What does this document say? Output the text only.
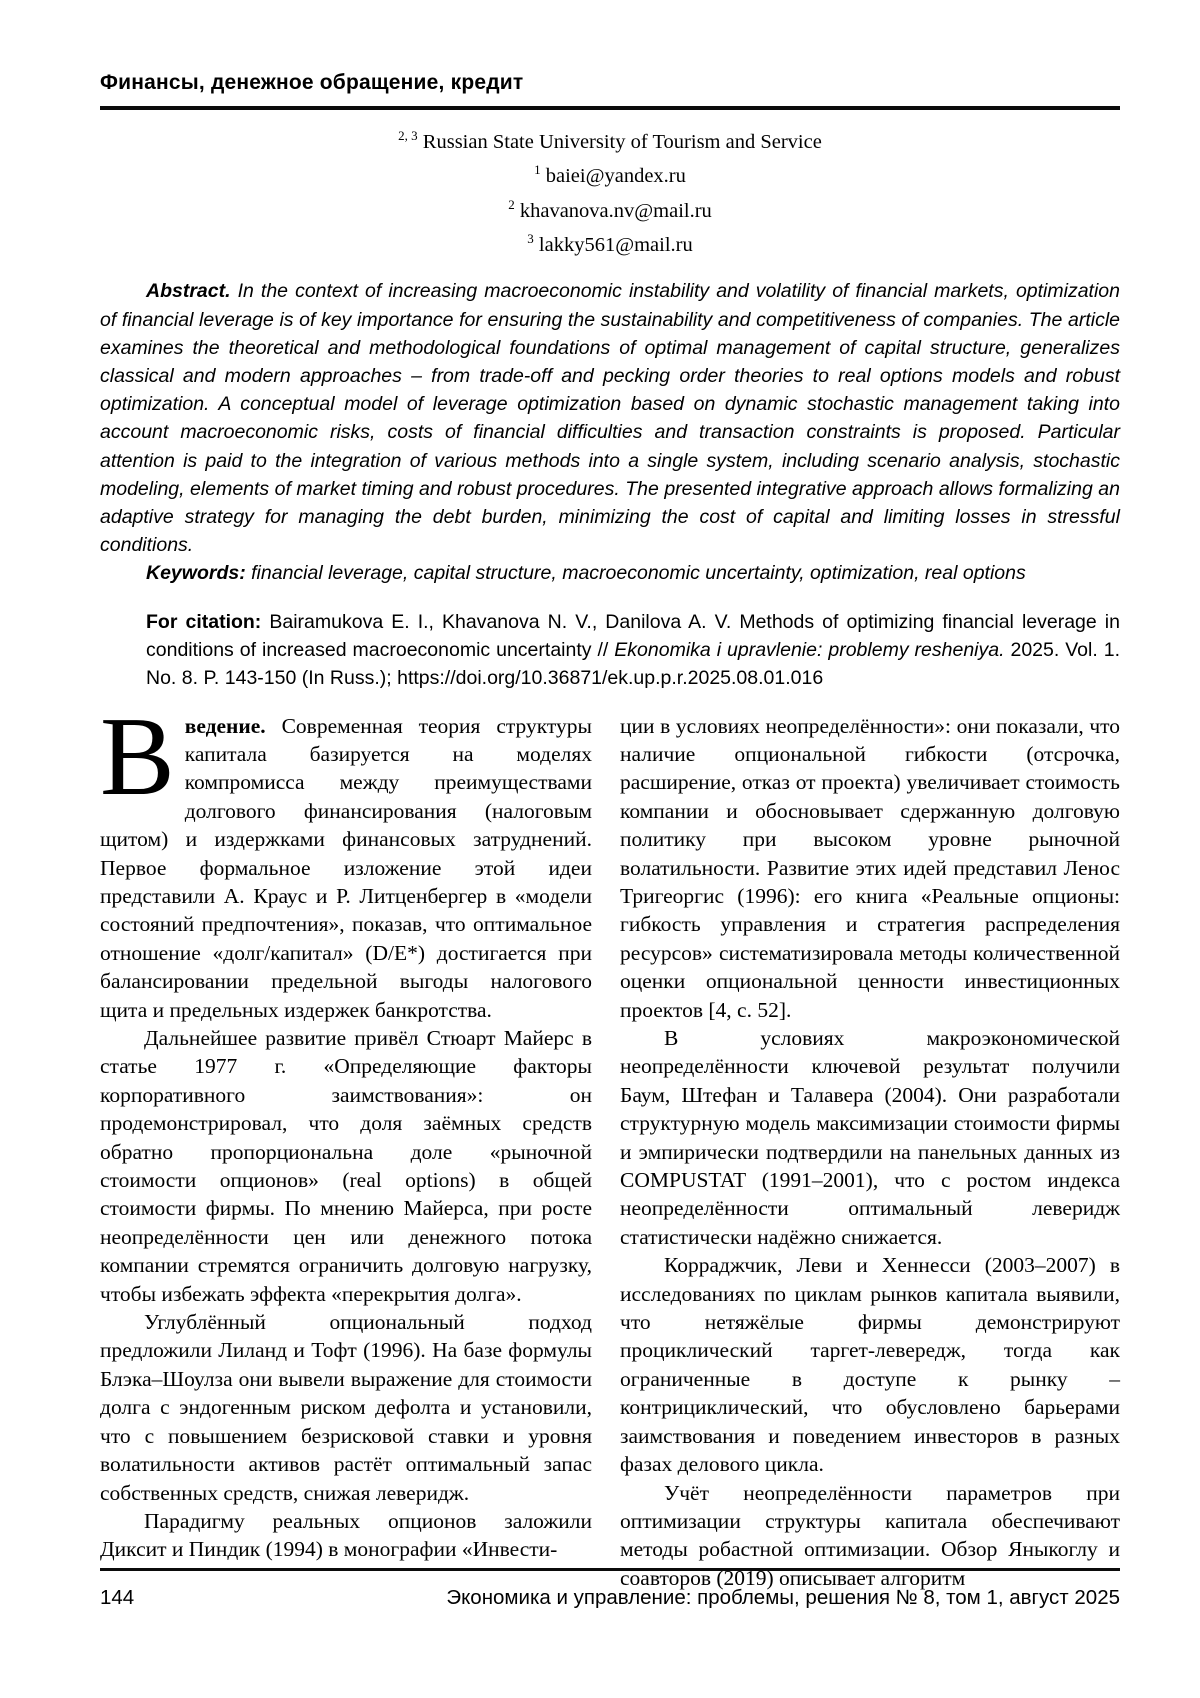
Финансы, денежное обращение, кредит
$^{2, 3}$ Russian State University of Tourism and Service
$^1$ baiei@yandex.ru
$^2$ khavanova.nv@mail.ru
$^3$ lakky561@mail.ru

Abstract. In the context of increasing macroeconomic instability and volatility of financial markets, optimization of financial leverage is of key importance for ensuring the sustainability and competitiveness of companies. The article examines the theoretical and methodological foundations of optimal management of capital structure, generalizes classical and modern approaches – from trade-off and pecking order theories to real options models and robust optimization. A conceptual model of leverage optimization based on dynamic stochastic management taking into account macroeconomic risks, costs of financial difficulties and transaction constraints is proposed. Particular attention is paid to the integration of various methods into a single system, including scenario analysis, stochastic modeling, elements of market timing and robust procedures. The presented integrative approach allows formalizing an adaptive strategy for managing the debt burden, minimizing the cost of capital and limiting losses in stressful conditions.

Keywords: financial leverage, capital structure, macroeconomic uncertainty, optimization, real options

For citation: Bairamukova E. I., Khavanova N. V., Danilova A. V. Methods of optimizing financial leverage in conditions of increased macroeconomic uncertainty // Ekonomika i upravlenie: problemy resheniya. 2025. Vol. 1. No. 8. P. 143-150 (In Russ.); https://doi.org/10.36871/ek.up.p.r.2025.08.01.016

Введение. Современная теория структуры капитала базируется на моделях компромисса между преимуществами долгового финансирования (налоговым щитом) и издержками финансовых затруднений. Первое формальное изложение этой идеи представили А. Краус и Р. Литценбергер в «модели состояний предпочтения», показав, что оптимальное отношение «долг/капитал» (D/E*) достигается при балансировании предельной выгоды налогового щита и предельных издержек банкротства.

Дальнейшее развитие привёл Стюарт Майерс в статье 1977 г. «Определяющие факторы корпоративного заимствования»: он продемонстрировал, что доля заёмных средств обратно пропорциональна доле «рыночной стоимости опционов» (real options) в общей стоимости фирмы. По мнению Майерса, при росте неопределённости цен или денежного потока компании стремятся ограничить долговую нагрузку, чтобы избежать эффекта «перекрытия долга».

Углублённый опциональный подход предложили Лиланд и Тофт (1996). На базе формулы Блэка–Шоулза они вывели выражение для стоимости долга с эндогенным риском дефолта и установили, что с повышением безрисковой ставки и уровня волатильности активов растёт оптимальный запас собственных средств, снижая леверидж.

Парадигму реальных опционов заложили Диксит и Пиндик (1994) в монографии «Инвести-

ции в условиях неопределённости»: они показали, что наличие опциональной гибкости (отсрочка, расширение, отказ от проекта) увеличивает стоимость компании и обосновывает сдержанную долговую политику при высоком уровне рыночной волатильности. Развитие этих идей представил Ленос Тригеоргис (1996): его книга «Реальные опционы: гибкость управления и стратегия распределения ресурсов» систематизировала методы количественной оценки опциональной ценности инвестиционных проектов [4, с. 52].

В условиях макроэкономической неопределённости ключевой результат получили Баум, Штефан и Талавера (2004). Они разработали структурную модель максимизации стоимости фирмы и эмпирически подтвердили на панельных данных из COMPUSTAT (1991–2001), что с ростом индекса неопределённости оптимальный леверидж статистически надёжно снижается.

Корраджчик, Леви и Хеннесси (2003–2007) в исследованиях по циклам рынков капитала выявили, что нетяжёлые фирмы демонстрируют проциклический таргет-левередж, тогда как ограниченные в доступе к рынку – контрициклический, что обусловлено барьерами заимствования и поведением инвесторов в разных фазах делового цикла.

Учёт неопределённости параметров при оптимизации структуры капитала обеспечивают методы робастной оптимизации. Обзор Яныкоглу и соавторов (2019) описывает алгоритм

144	Экономика и управление: проблемы, решения № 8, том 1, август 2025
